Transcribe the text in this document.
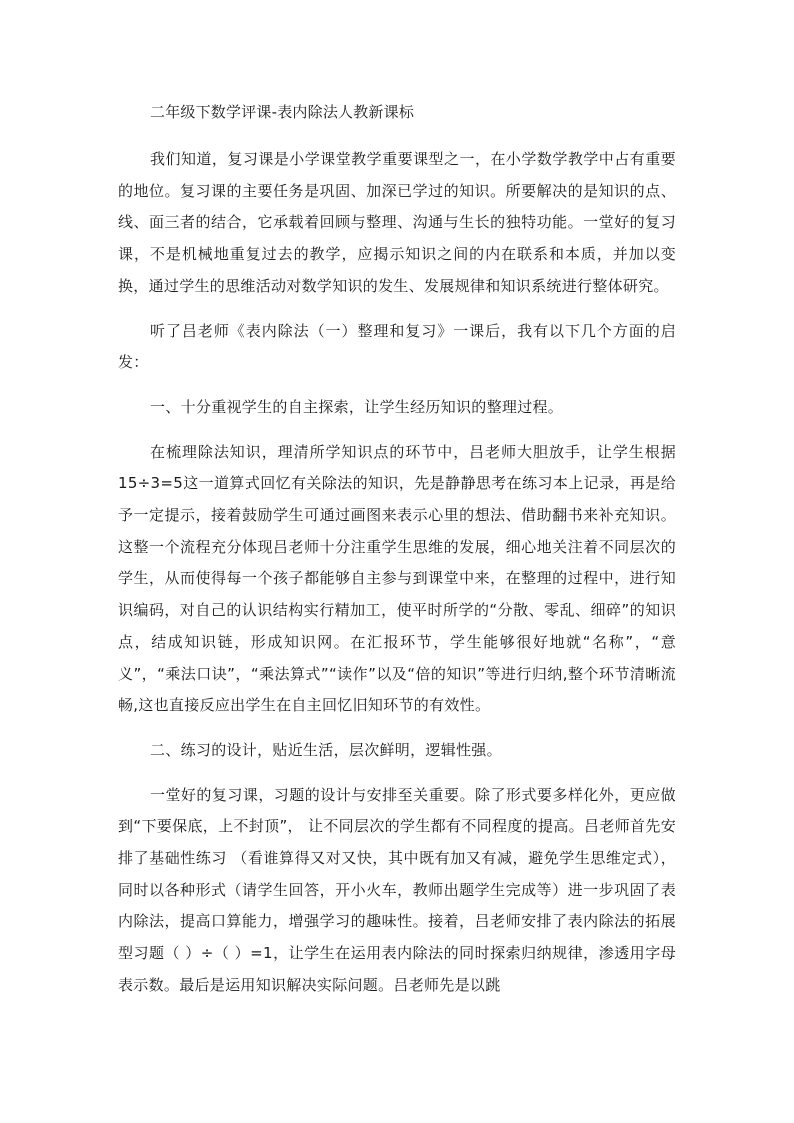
二年级下数学评课-表内除法人教新课标

我们知道，复习课是小学课堂教学重要课型之一，在小学数学教学中占有重要的地位。复习课的主要任务是巩固、加深已学过的知识。所要解决的是知识的点、线、面三者的结合，它承载着回顾与整理、沟通与生长的独特功能。一堂好的复习课，不是机械地重复过去的教学，应揭示知识之间的内在联系和本质，并加以变换，通过学生的思维活动对数学知识的发生、发展规律和知识系统进行整体研究。

听了吕老师《表内除法（一）整理和复习》一课后，我有以下几个方面的启发：

一、十分重视学生的自主探索，让学生经历知识的整理过程。

在梳理除法知识，理清所学知识点的环节中，吕老师大胆放手，让学生根据15÷3=5这一道算式回忆有关除法的知识，先是静静思考在练习本上记录，再是给予一定提示，接着鼓励学生可通过画图来表示心里的想法、借助翻书来补充知识。这整一个流程充分体现吕老师十分注重学生思维的发展，细心地关注着不同层次的学生，从而使得每一个孩子都能够自主参与到课堂中来，在整理的过程中，进行知识编码，对自己的认识结构实行精加工，使平时所学的“分散、零乱、细碎”的知识点，结成知识链，形成知识网。在汇报环节，学生能够很好地就“名称”，“意义”，“乘法口诀”，“乘法算式”“读作”以及“倍的知识”等进行归纳,整个环节清晰流畅,这也直接反应出学生在自主回忆旧知环节的有效性。

二、练习的设计，贴近生活，层次鲜明，逻辑性强。

一堂好的复习课，习题的设计与安排至关重要。除了形式要多样化外，更应做到“下要保底，上不封顶”， 让不同层次的学生都有不同程度的提高。吕老师首先安排了基础性练习 （看谁算得又对又快，其中既有加又有减，避免学生思维定式），同时以各种形式（请学生回答，开小火车，教师出题学生完成等）进一步巩固了表内除法，提高口算能力，增强学习的趣味性。接着，吕老师安排了表内除法的拓展型习题（ ）÷（ ）=1，让学生在运用表内除法的同时探索归纳规律，渗透用字母表示数。最后是运用知识解决实际问题。吕老师先是以跳
